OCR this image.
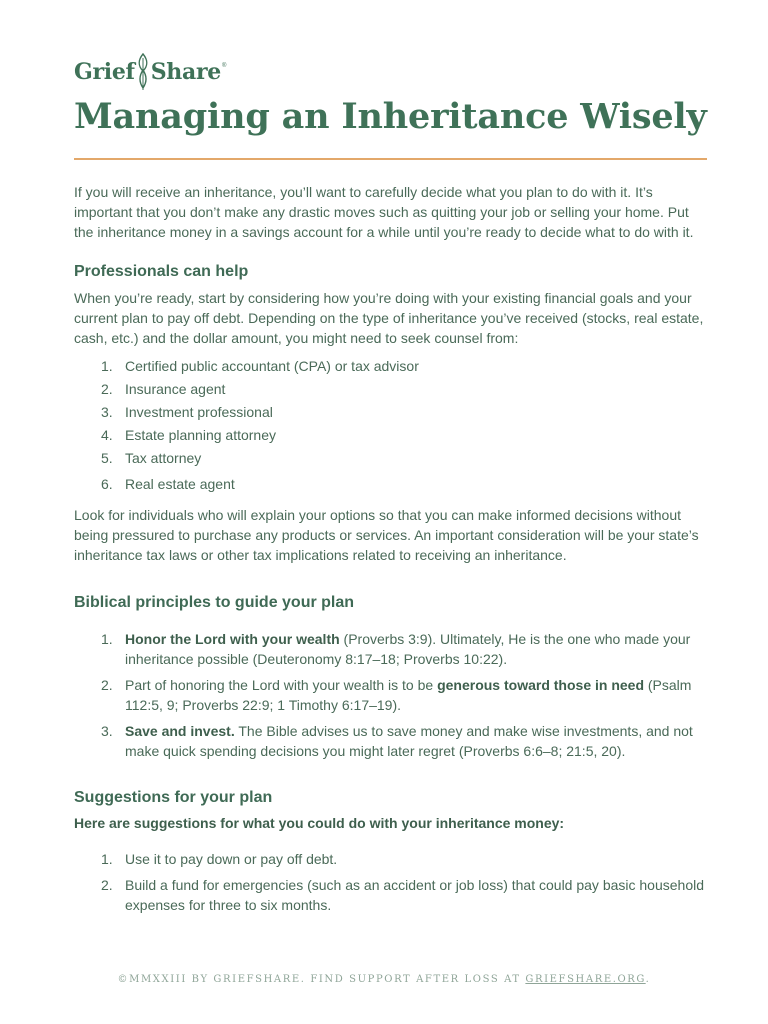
Grief Share ®
Managing an Inheritance Wisely

If you will receive an inheritance, you’ll want to carefully decide what you plan to do with it. It’s important that you don’t make any drastic moves such as quitting your job or selling your home. Put the inheritance money in a savings account for a while until you’re ready to decide what to do with it.

Professionals can help

When you’re ready, start by considering how you’re doing with your existing financial goals and your current plan to pay off debt. Depending on the type of inheritance you’ve received (stocks, real estate, cash, etc.) and the dollar amount, you might need to seek counsel from:

1. Certified public accountant (CPA) or tax advisor
2. Insurance agent
3. Investment professional
4. Estate planning attorney
5. Tax attorney
6. Real estate agent

Look for individuals who will explain your options so that you can make informed decisions without being pressured to purchase any products or services. An important consideration will be your state’s inheritance tax laws or other tax implications related to receiving an inheritance.

Biblical principles to guide your plan
1. Honor the Lord with your wealth (Proverbs 3:9). Ultimately, He is the one who made your inheritance possible (Deuteronomy 8:17–18; Proverbs 10:22).
2. Part of honoring the Lord with your wealth is to be generous toward those in need (Psalm 112:5, 9; Proverbs 22:9; 1 Timothy 6:17–19).
3. Save and invest. The Bible advises us to save money and make wise investments, and not make quick spending decisions you might later regret (Proverbs 6:6–8; 21:5, 20).
Suggestions for your plan

Here are suggestions for what you could do with your inheritance money:

1. Use it to pay down or pay off debt.
2. Build a fund for emergencies (such as an accident or job loss) that could pay basic household expenses for three to six months.
©MMXXIII BY GRIEFSHARE. FIND SUPPORT AFTER LOSS AT GRIEFSHARE.ORG.
